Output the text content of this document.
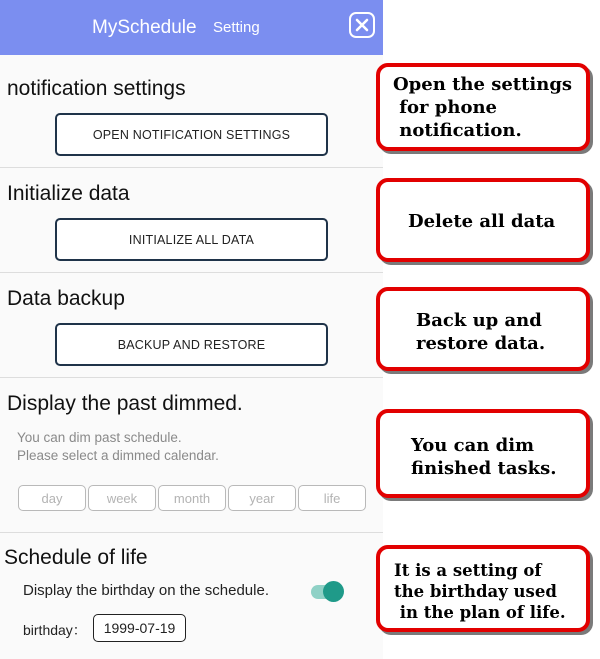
MySchedule Setting
notification settings
OPEN NOTIFICATION SETTINGS
Initialize data
INITIALIZE ALL DATA
Data backup
BACKUP AND RESTORE
Display the past dimmed.
You can dim past schedule.
Please select a dimmed calendar.
day	week	month	year	life
Schedule of life
Display the birthday on the schedule.
birthday：	1999-07-19

Open the settings
for phone
notification.

Delete all data

Back up and
restore data.

You can dim
finished tasks.

It is a setting of
the birthday used
in the plan of life.
